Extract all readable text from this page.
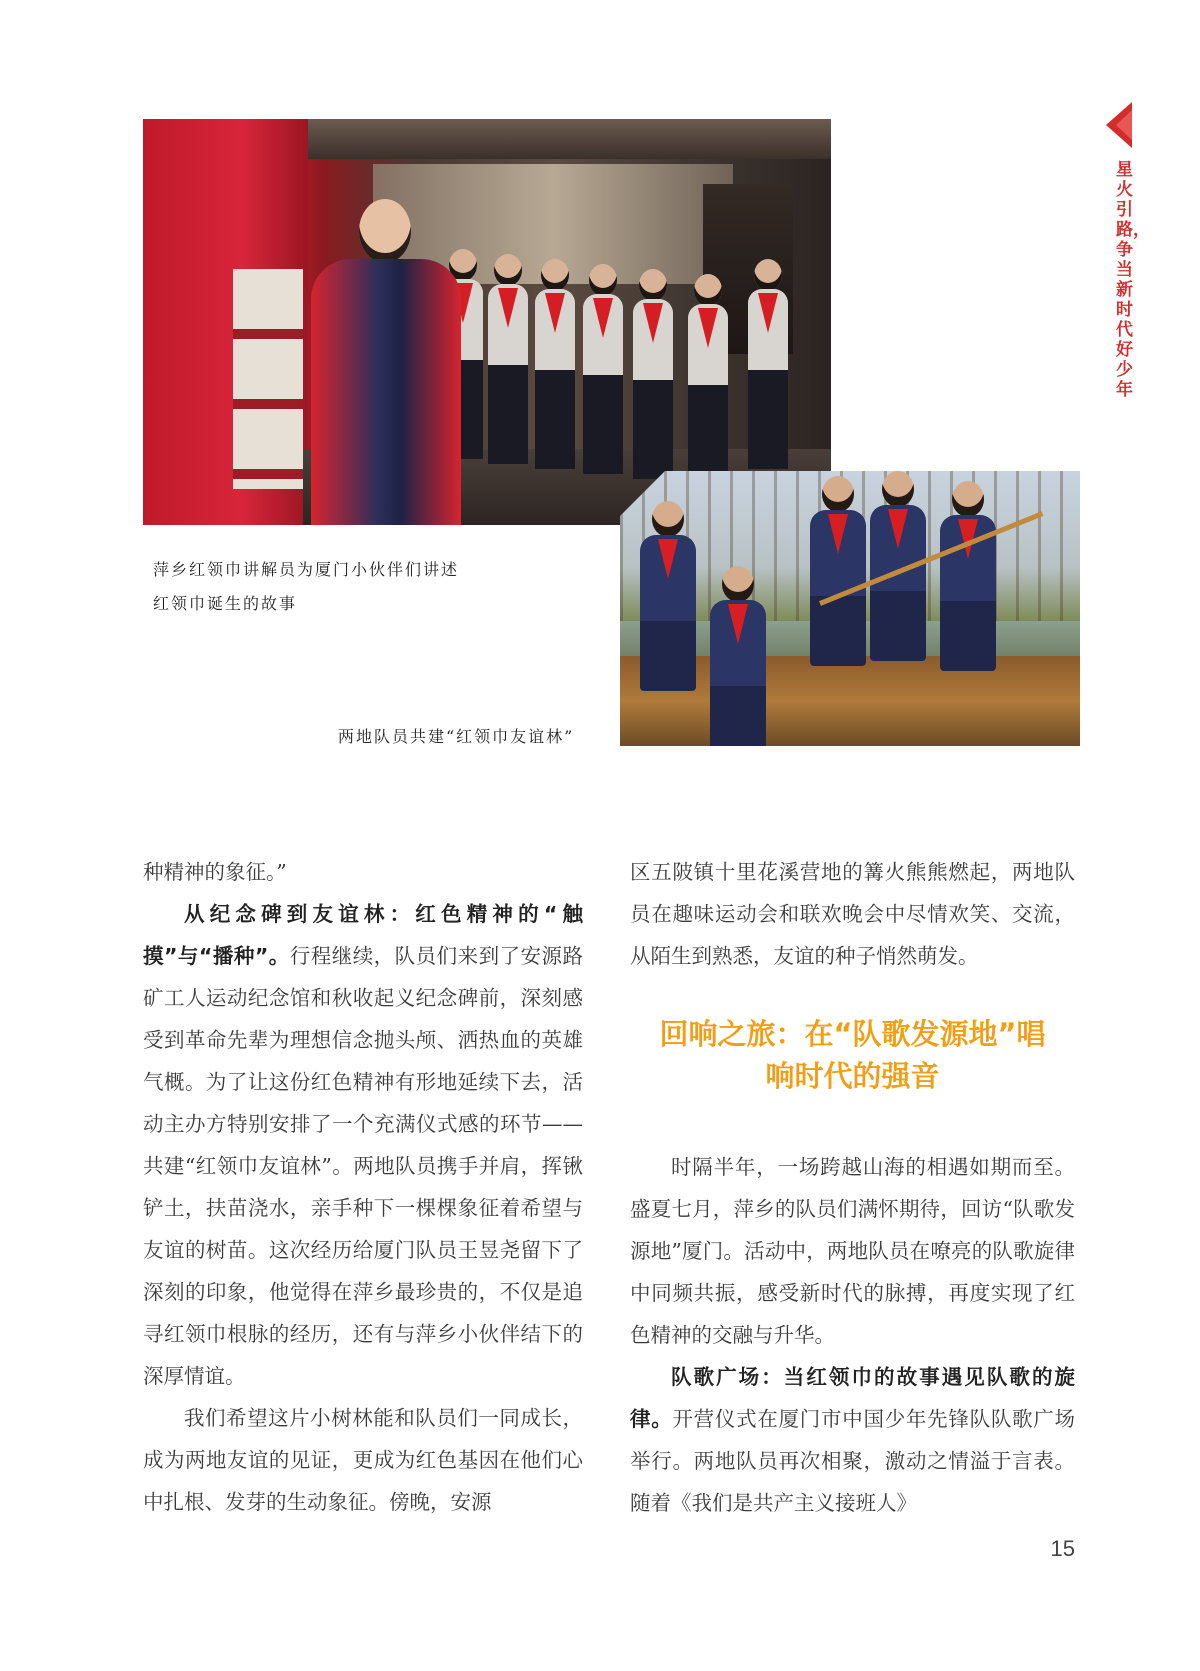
萍乡红领巾讲解员为厦门小伙伴们讲述
红领巾诞生的故事
两地队员共建“红领巾友谊林”
星火引路，争当新时代好少年

种精神的象征。”

从纪念碑到友谊林：红色精神的“触摸”与“播种”。行程继续，队员们来到了安源路矿工人运动纪念馆和秋收起义纪念碑前，深刻感受到革命先辈为理想信念抛头颅、洒热血的英雄气概。为了让这份红色精神有形地延续下去，活动主办方特别安排了一个充满仪式感的环节——共建“红领巾友谊林”。两地队员携手并肩，挥锹铲土，扶苗浇水，亲手种下一棵棵象征着希望与友谊的树苗。这次经历给厦门队员王昱尧留下了深刻的印象，他觉得在萍乡最珍贵的，不仅是追寻红领巾根脉的经历，还有与萍乡小伙伴结下的深厚情谊。

我们希望这片小树林能和队员们一同成长，成为两地友谊的见证，更成为红色基因在他们心中扎根、发芽的生动象征。傍晚，安源

区五陂镇十里花溪营地的篝火熊熊燃起，两地队员在趣味运动会和联欢晚会中尽情欢笑、交流，从陌生到熟悉，友谊的种子悄然萌发。

回响之旅：在“队歌发源地”唱
响时代的强音

时隔半年，一场跨越山海的相遇如期而至。盛夏七月，萍乡的队员们满怀期待，回访“队歌发源地”厦门。活动中，两地队员在嘹亮的队歌旋律中同频共振，感受新时代的脉搏，再度实现了红色精神的交融与升华。

队歌广场：当红领巾的故事遇见队歌的旋律。开营仪式在厦门市中国少年先锋队队歌广场举行。两地队员再次相聚，激动之情溢于言表。随着《我们是共产主义接班人》

15
